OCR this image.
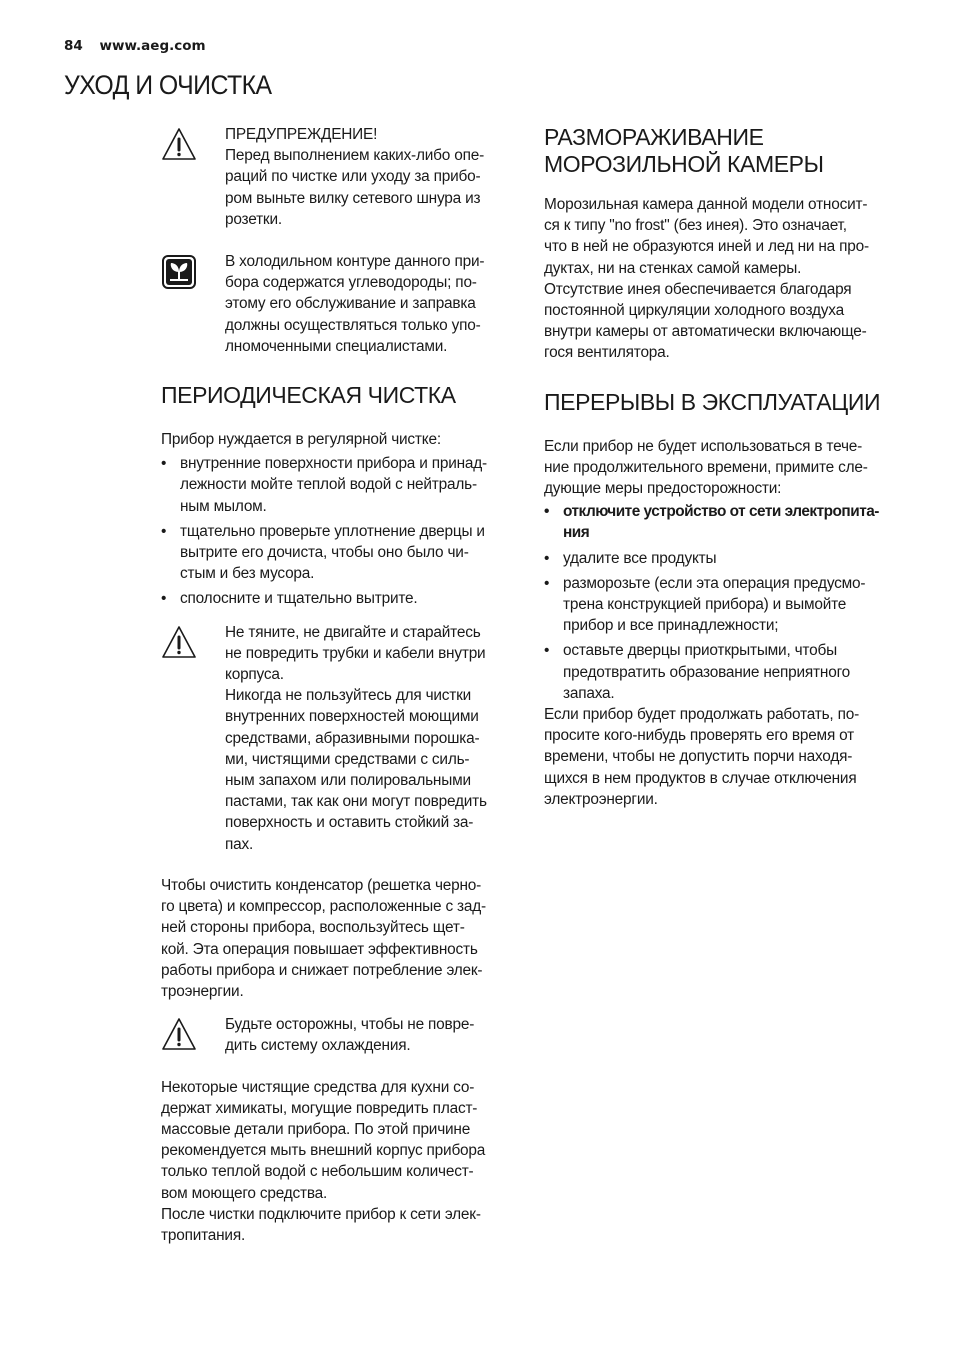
84 www.aeg.com
УХОД И ОЧИСТКА

ПРЕДУПРЕЖДЕНИЕ!

Перед выполнением каких-либо опе-
раций по чистке или уходу за прибо-
ром выньте вилку сетевого шнура из
розетки.

В холодильном контуре данного при-
бора содержатся углеводороды; по-
этому его обслуживание и заправка
должны осуществляться только упо-
лномоченными специалистами.

ПЕРИОДИЧЕСКАЯ ЧИСТКА

Прибор нуждается в регулярной чистке:

• внутренние поверхности прибора и принад-
лежности мойте теплой водой с нейтраль-
ным мылом.
• тщательно проверьте уплотнение дверцы и
вытрите его дочиста, чтобы оно было чи-
стым и без мусора.
• сполосните и тщательно вытрите.

Не тяните, не двигайте и старайтесь
не повредить трубки и кабели внутри
корпуса.
Никогда не пользуйтесь для чистки
внутренних поверхностей моющими
средствами, абразивными порошка-
ми, чистящими средствами с силь-
ным запахом или полировальными
пастами, так как они могут повредить
поверхность и оставить стойкий за-
пах.

Чтобы очистить конденсатор (решетка черно-
го цвета) и компрессор, расположенные с зад-
ней стороны прибора, воспользуйтесь щет-
кой. Эта операция повышает эффективность
работы прибора и снижает потребление элек-
троэнергии.

Будьте осторожны, чтобы не повре-
дить систему охлаждения.

Некоторые чистящие средства для кухни со-
держат химикаты, могущие повредить пласт-
массовые детали прибора. По этой причине
рекомендуется мыть внешний корпус прибора
только теплой водой с небольшим количест-
вом моющего средства.
После чистки подключите прибор к сети элек-
тропитания.

РАЗМОРАЖИВАНИЕ
МОРОЗИЛЬНОЙ КАМЕРЫ

Морозильная камера данной модели относит-
ся к типу "no frost" (без инея). Это означает,
что в ней не образуются иней и лед ни на про-
дуктах, ни на стенках самой камеры.
Отсутствие инея обеспечивается благодаря
постоянной циркуляции холодного воздуха
внутри камеры от автоматически включающе-
гося вентилятора.

ПЕРЕРЫВЫ В ЭКСПЛУАТАЦИИ

Если прибор не будет использоваться в тече-
ние продолжительного времени, примите сле-
дующие меры предосторожности:

• отключите устройство от сети электропита-
ния
• удалите все продукты
• разморозьте (если эта операция предусмо-
трена конструкцией прибора) и вымойте
прибор и все принадлежности;
• оставьте дверцы приоткрытыми, чтобы
предотвратить образование неприятного
запаха.

Если прибор будет продолжать работать, по-
просите кого-нибудь проверять его время от
времени, чтобы не допустить порчи находя-
щихся в нем продуктов в случае отключения
электроэнергии.
